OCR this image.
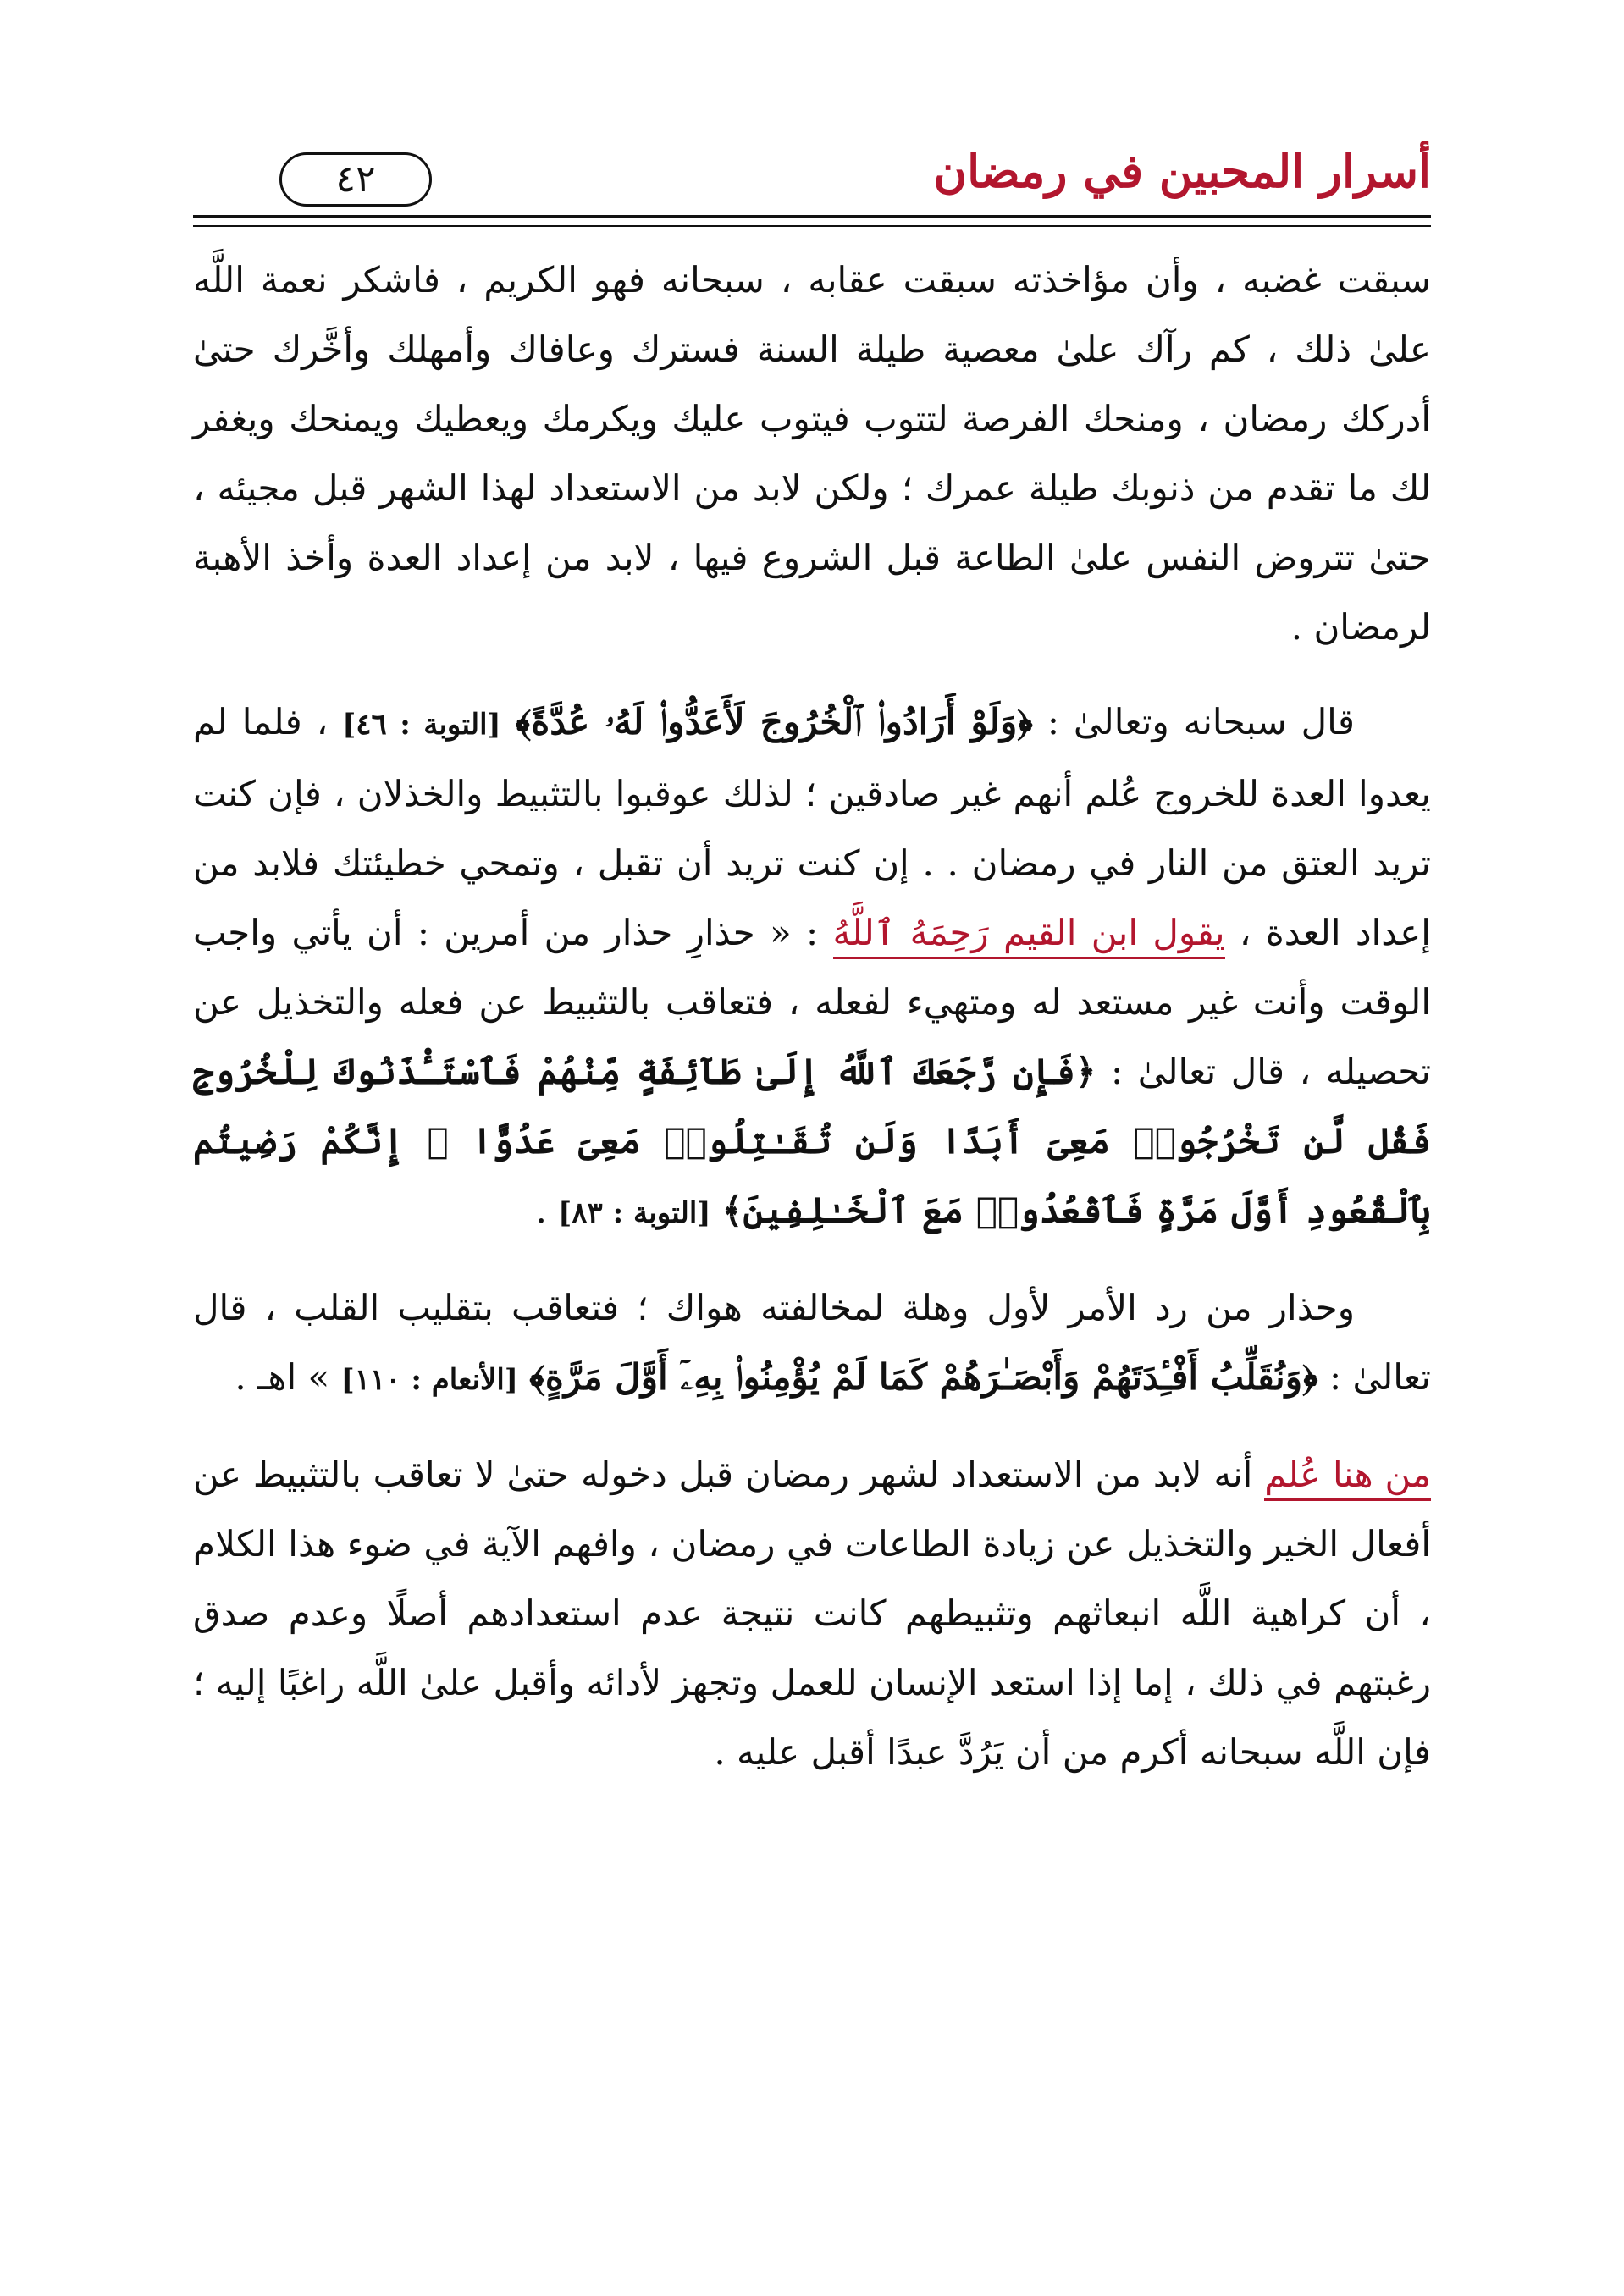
٤٢	أسرار المحبين في رمضان

سبقت غضبه ، وأن مؤاخذته سبقت عقابه ، سبحانه فهو الكريم ، فاشكر نعمة اللَّه علىٰ ذلك ، كم رآك علىٰ معصية طيلة السنة فسترك وعافاك وأمهلك وأخَّرك حتىٰ أدركك رمضان ، ومنحك الفرصة لتتوب فيتوب عليك ويكرمك ويعطيك ويمنحك ويغفر لك ما تقدم من ذنوبك طيلة عمرك ؛ ولكن لابد من الاستعداد لهذا الشهر قبل مجيئه ، حتىٰ تتروض النفس علىٰ الطاعة قبل الشروع فيها ، لابد من إعداد العدة وأخذ الأهبة لرمضان .

قال سبحانه وتعالىٰ : ﴿وَلَوْ أَرَادُوا۟ ٱلْخُرُوجَ لَأَعَدُّوا۟ لَهُۥ عُدَّةً﴾ [التوبة : ٤٦] ، فلما لم يعدوا العدة للخروج عُلم أنهم غير صادقين ؛ لذلك عوقبوا بالتثبيط والخذلان ، فإن كنت تريد العتق من النار في رمضان . . إن كنت تريد أن تقبل ، وتمحي خطيئتك فلابد من إعداد العدة ، يقول ابن القيم رَحِمَهُ ٱللَّهُ : « حذارِ حذار من أمرين : أن يأتي واجب الوقت وأنت غير مستعد له ومتهيء لفعله ، فتعاقب بالتثبيط عن فعله والتخذيل عن تحصيله ، قال تعالىٰ : ﴿فَإِن رَّجَعَكَ ٱللَّهُ إِلَىٰ طَآئِفَةٍ مِّنْهُمْ فَٱسْتَـْٔذَنُوكَ لِلْخُرُوجِ فَقُل لَّن تَخْرُجُوا۟ مَعِىَ أَبَدًا وَلَن تُقَـٰتِلُوا۟ مَعِىَ عَدُوًّا ۖ إِنَّكُمْ رَضِيتُم بِٱلْقُعُودِ أَوَّلَ مَرَّةٍ فَٱقْعُدُوا۟ مَعَ ٱلْخَـٰلِفِينَ﴾ [التوبة : ٨٣] .

وحذار من رد الأمر لأول وهلة لمخالفته هواك ؛ فتعاقب بتقليب القلب ، قال تعالىٰ : ﴿وَنُقَلِّبُ أَفْـِٔدَتَهُمْ وَأَبْصَـٰرَهُمْ كَمَا لَمْ يُؤْمِنُوا۟ بِهِۦٓ أَوَّلَ مَرَّةٍ﴾ [الأنعام : ١١٠] » اهـ .

من هنا عُلم أنه لابد من الاستعداد لشهر رمضان قبل دخوله حتىٰ لا تعاقب بالتثبيط عن أفعال الخير والتخذيل عن زيادة الطاعات في رمضان ، وافهم الآية في ضوء هذا الكلام ، أن كراهية اللَّه انبعاثهم وتثبيطهم كانت نتيجة عدم استعدادهم أصلًا وعدم صدق رغبتهم في ذلك ، إما إذا استعد الإنسان للعمل وتجهز لأدائه وأقبل علىٰ اللَّه راغبًا إليه ؛ فإن اللَّه سبحانه أكرم من أن يَرُدَّ عبدًا أقبل عليه .
